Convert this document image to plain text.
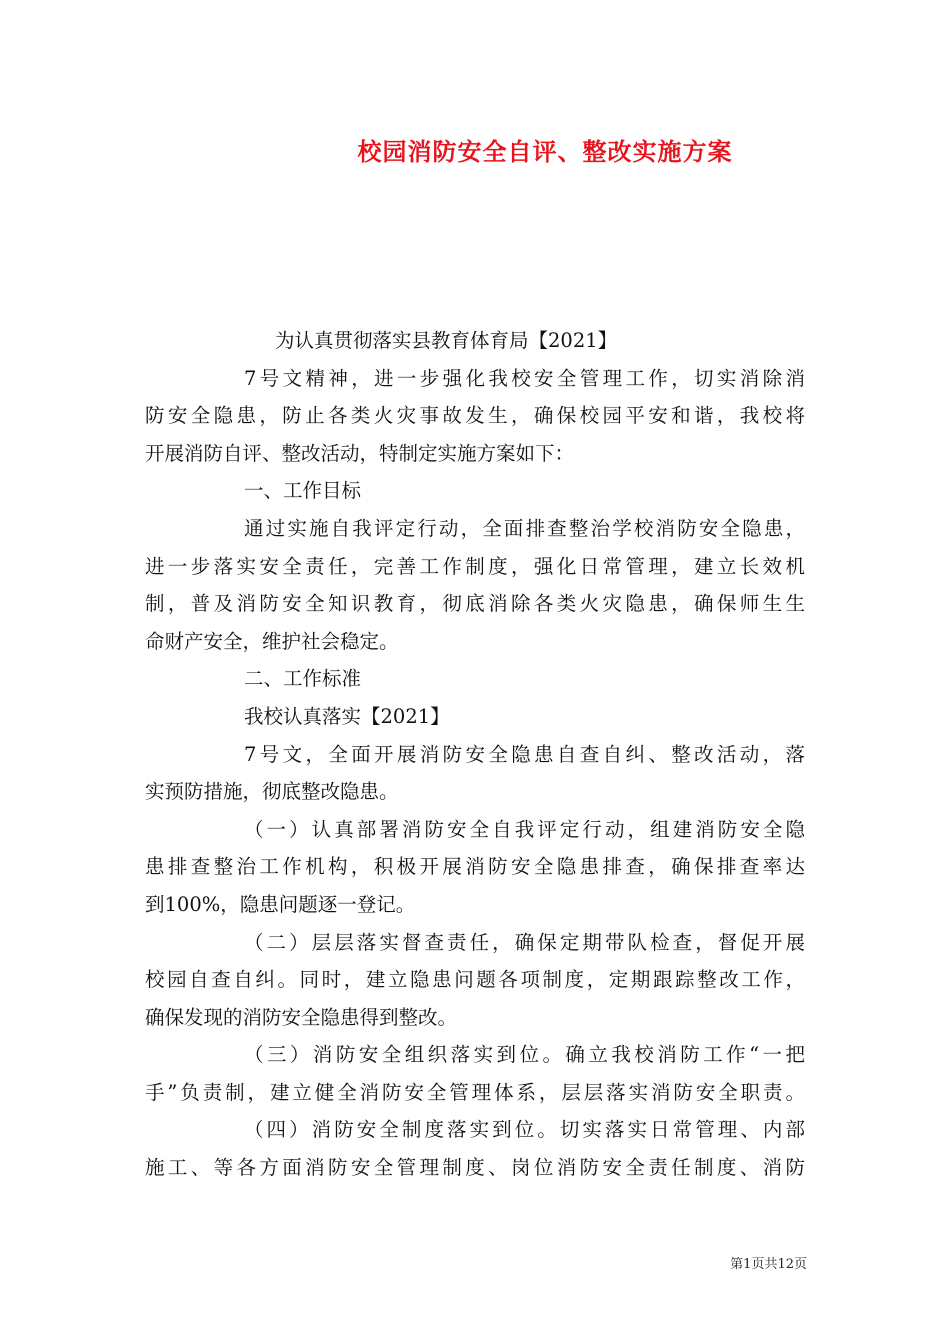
校园消防安全自评、整改实施方案
为认真贯彻落实县教育体育局【2021】
7号文精神，进一步强化我校安全管理工作，切实消除消
防安全隐患，防止各类火灾事故发生，确保校园平安和谐，我校将
开展消防自评、整改活动，特制定实施方案如下：
一、工作目标
通过实施自我评定行动，全面排查整治学校消防安全隐患，
进一步落实安全责任，完善工作制度，强化日常管理，建立长效机
制，普及消防安全知识教育，彻底消除各类火灾隐患，确保师生生
命财产安全，维护社会稳定。
二、工作标准
我校认真落实【2021】
7号文，全面开展消防安全隐患自查自纠、整改活动，落
实预防措施，彻底整改隐患。
（一）认真部署消防安全自我评定行动，组建消防安全隐
患排查整治工作机构，积极开展消防安全隐患排查，确保排查率达
到100%，隐患问题逐一登记。
（二）层层落实督查责任，确保定期带队检查，督促开展
校园自查自纠。同时，建立隐患问题各项制度，定期跟踪整改工作，
确保发现的消防安全隐患得到整改。
（三）消防安全组织落实到位。确立我校消防工作“一把
手”负责制，建立健全消防安全管理体系，层层落实消防安全职责。
（四）消防安全制度落实到位。切实落实日常管理、内部
施工、等各方面消防安全管理制度、岗位消防安全责任制度、消防
第1页共12页
